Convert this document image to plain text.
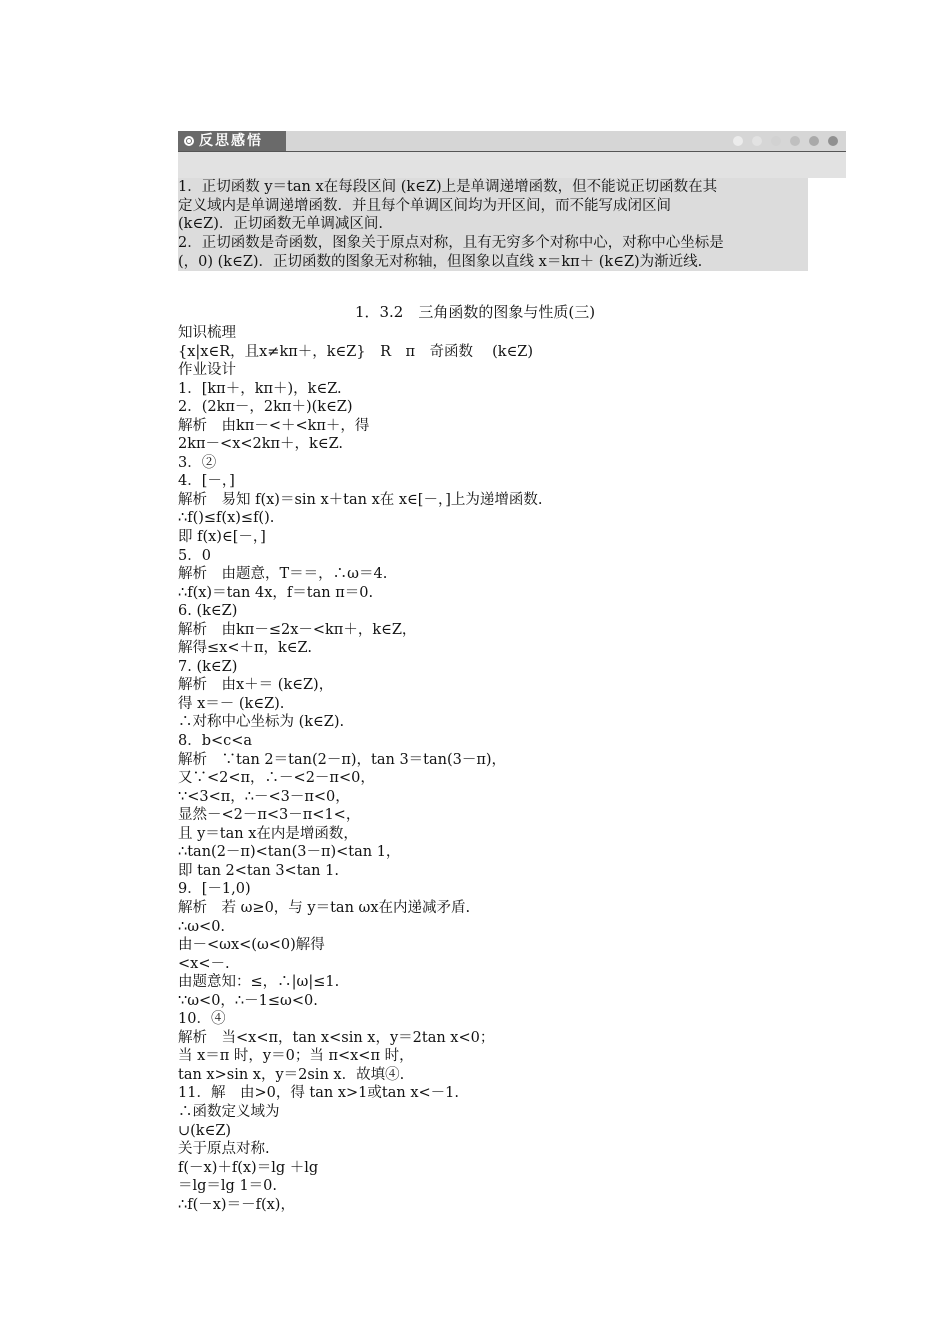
反思感悟
1．正切函数 y＝tan x在每段区间 (k∈Z)上是单调递增函数，但不能说正切函数在其
定义域内是单调递增函数．并且每个单调区间均为开区间，而不能写成闭区间
(k∈Z)．正切函数无单调减区间.
2．正切函数是奇函数，图象关于原点对称，且有无穷多个对称中心，对称中心坐标是
(，0) (k∈Z)．正切函数的图象无对称轴，但图象以直线 x＝kπ＋ (k∈Z)为渐近线.
1．3.2　三角函数的图象与性质(三)
知识梳理
{x|x∈R，且x≠kπ＋，k∈Z}　R　π　奇函数　 (k∈Z)
作业设计
1．[kπ＋，kπ＋)，k∈Z.
2．(2kπ－，2kπ＋)(k∈Z)
解析　由kπ－<＋<kπ＋，得
2kπ－<x<2kπ＋，k∈Z.
3．②
4．[－，]
解析　易知 f(x)＝sin x＋tan x在 x∈[－，]上为递增函数.
∴f()≤f(x)≤f().
即 f(x)∈[－，]
5．0
解析　由题意，T＝＝，∴ω＝4.
∴f(x)＝tan 4x，f＝tan π＝0.
6. (k∈Z)
解析　由kπ－≤2x－<kπ＋，k∈Z，
解得≤x<＋π，k∈Z.
7. (k∈Z)
解析　由x＋＝ (k∈Z)，
得 x＝－ (k∈Z).
∴对称中心坐标为 (k∈Z).
8．b<c<a
解析　∵tan 2＝tan(2－π)，tan 3＝tan(3－π)，
又∵<2<π，∴－<2－π<0，
∵<3<π，∴－<3－π<0，
显然－<2－π<3－π<1<，
且 y＝tan x在内是增函数，
∴tan(2－π)<tan(3－π)<tan 1，
即 tan 2<tan 3<tan 1.
9．[－1,0)
解析　若 ω≥0，与 y＝tan ωx在内递减矛盾.
∴ω<0.
由－<ωx<(ω<0)解得
<x<－.
由题意知：≤，∴|ω|≤1.
∵ω<0，∴－1≤ω<0.
10．④
解析　当<x<π，tan x<sin x，y＝2tan x<0；
当 x＝π 时，y＝0；当 π<x<π 时，
tan x>sin x，y＝2sin x．故填④.
11．解　由>0，得 tan x>1或tan x<－1.
∴函数定义域为
∪(k∈Z)
关于原点对称.
f(－x)＋f(x)＝lg ＋lg
＝lg＝lg 1＝0.
∴f(－x)＝－f(x)，
